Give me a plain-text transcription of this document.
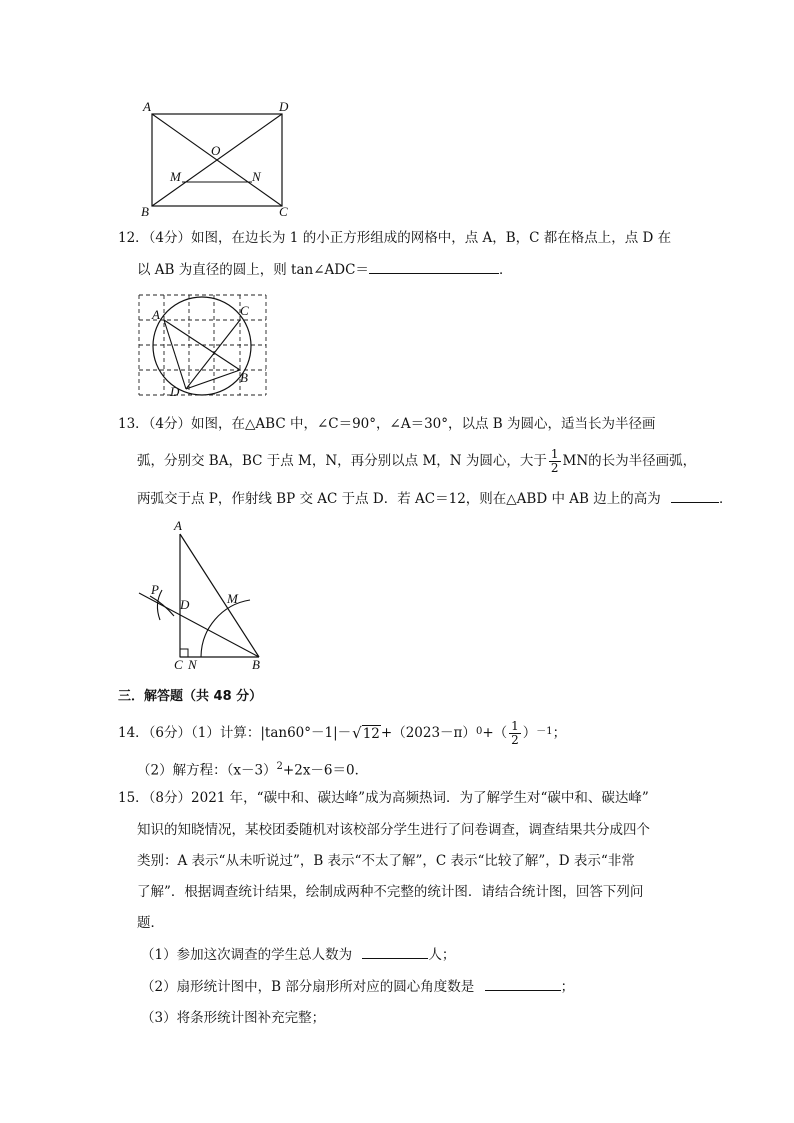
A	D
O
M	N
B	C
12．（4分）如图，在边长为 1 的小正方形组成的网格中，点 A，B，C 都在格点上，点 D 在
以 AB 为直径的圆上，则 tan∠ADC＝	．
A	C
B
D
13．（4分）如图，在△ABC 中，∠C＝90°，∠A＝30°，以点 B 为圆心，适当长为半径画
弧，分别交 BA，BC 于点 M，N，再分别以点 M，N 为圆心，大于 $\frac{1}{2}$ MN的长为半径画弧，
两弧交于点 P，作射线 BP 交 AC 于点 D．若 AC＝12，则在△ABD 中 AB 边上的高为	．
A
P
D	M
C N	B
三．解答题（共 48 分）
14．（6分）（1）计算：|tan60°－1|－ √ 12 +（2023－π） 0 +（ $\frac{1}{2}$ ） －1 ；
（2）解方程：$(x-3)^2+2x-6=0$．
15．（8分）2021 年，“碳中和、碳达峰”成为高频热词．为了解学生对“碳中和、碳达峰”
知识的知晓情况，某校团委随机对该校部分学生进行了问卷调查，调查结果共分成四个
类别：A 表示“从未听说过”，B 表示“不太了解”，C 表示“比较了解”，D 表示“非常
了解”．根据调查统计结果，绘制成两种不完整的统计图．请结合统计图，回答下列问
题．
（1）参加这次调查的学生总人数为	人；
（2）扇形统计图中，B 部分扇形所对应的圆心角度数是	；
（3）将条形统计图补充完整；
